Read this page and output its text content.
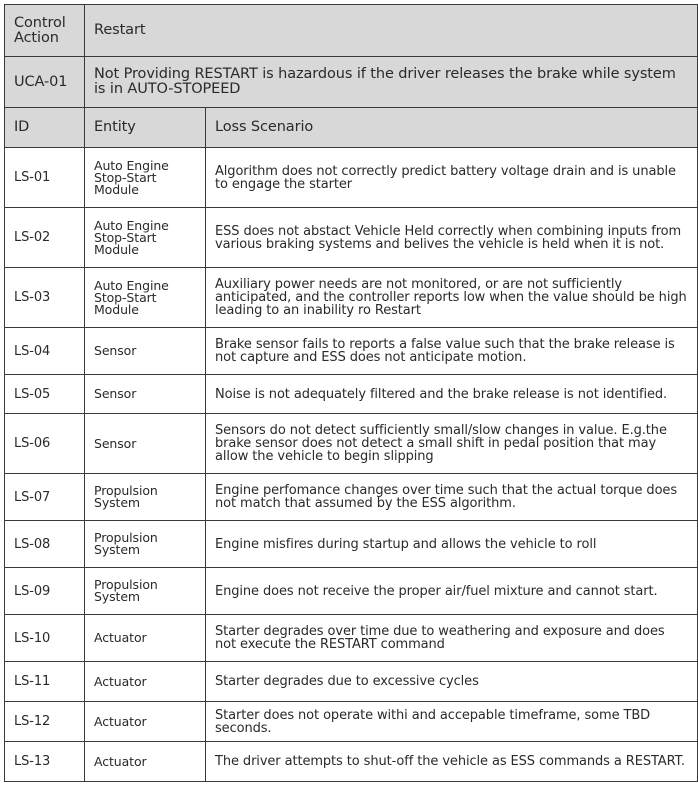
Control Action	Restart	
UCA-01	Not Providing RESTART is hazardous if the driver releases the brake while system is in AUTO-STOPEED	
ID	Entity	Loss Scenario
LS-01	Auto Engine Stop-Start Module	Algorithm does not correctly predict battery voltage drain and is unable to engage the starter
LS-02	Auto Engine Stop-Start Module	ESS does not abstact Vehicle Held correctly when combining inputs from various braking systems and belives the vehicle is held when it is not.
LS-03	Auto Engine Stop-Start Module	Auxiliary power needs are not monitored, or are not sufficiently anticipated, and the controller reports low when the value should be high leading to an inability ro Restart
LS-04	Sensor	Brake sensor fails to reports a false value such that the brake release is not capture and ESS does not anticipate motion.
LS-05	Sensor	Noise is not adequately filtered and the brake release is not identified.
LS-06	Sensor	Sensors do not detect sufficiently small/slow changes in value. E.g.the brake sensor does not detect a small shift in pedal position that may allow the vehicle to begin slipping
LS-07	Propulsion System	Engine perfomance changes over time such that the actual torque does not match that assumed by the ESS algorithm.
LS-08	Propulsion System	Engine misfires during startup and allows the vehicle to roll
LS-09	Propulsion System	Engine does not receive the proper air/fuel mixture and cannot start.
LS-10	Actuator	Starter degrades over time due to weathering and exposure and does not execute the RESTART command
LS-11	Actuator	Starter degrades due to excessive cycles
LS-12	Actuator	Starter does not operate withi and accepable timeframe, some TBD seconds.
LS-13	Actuator	The driver attempts to shut-off the vehicle as ESS commands a RESTART.
